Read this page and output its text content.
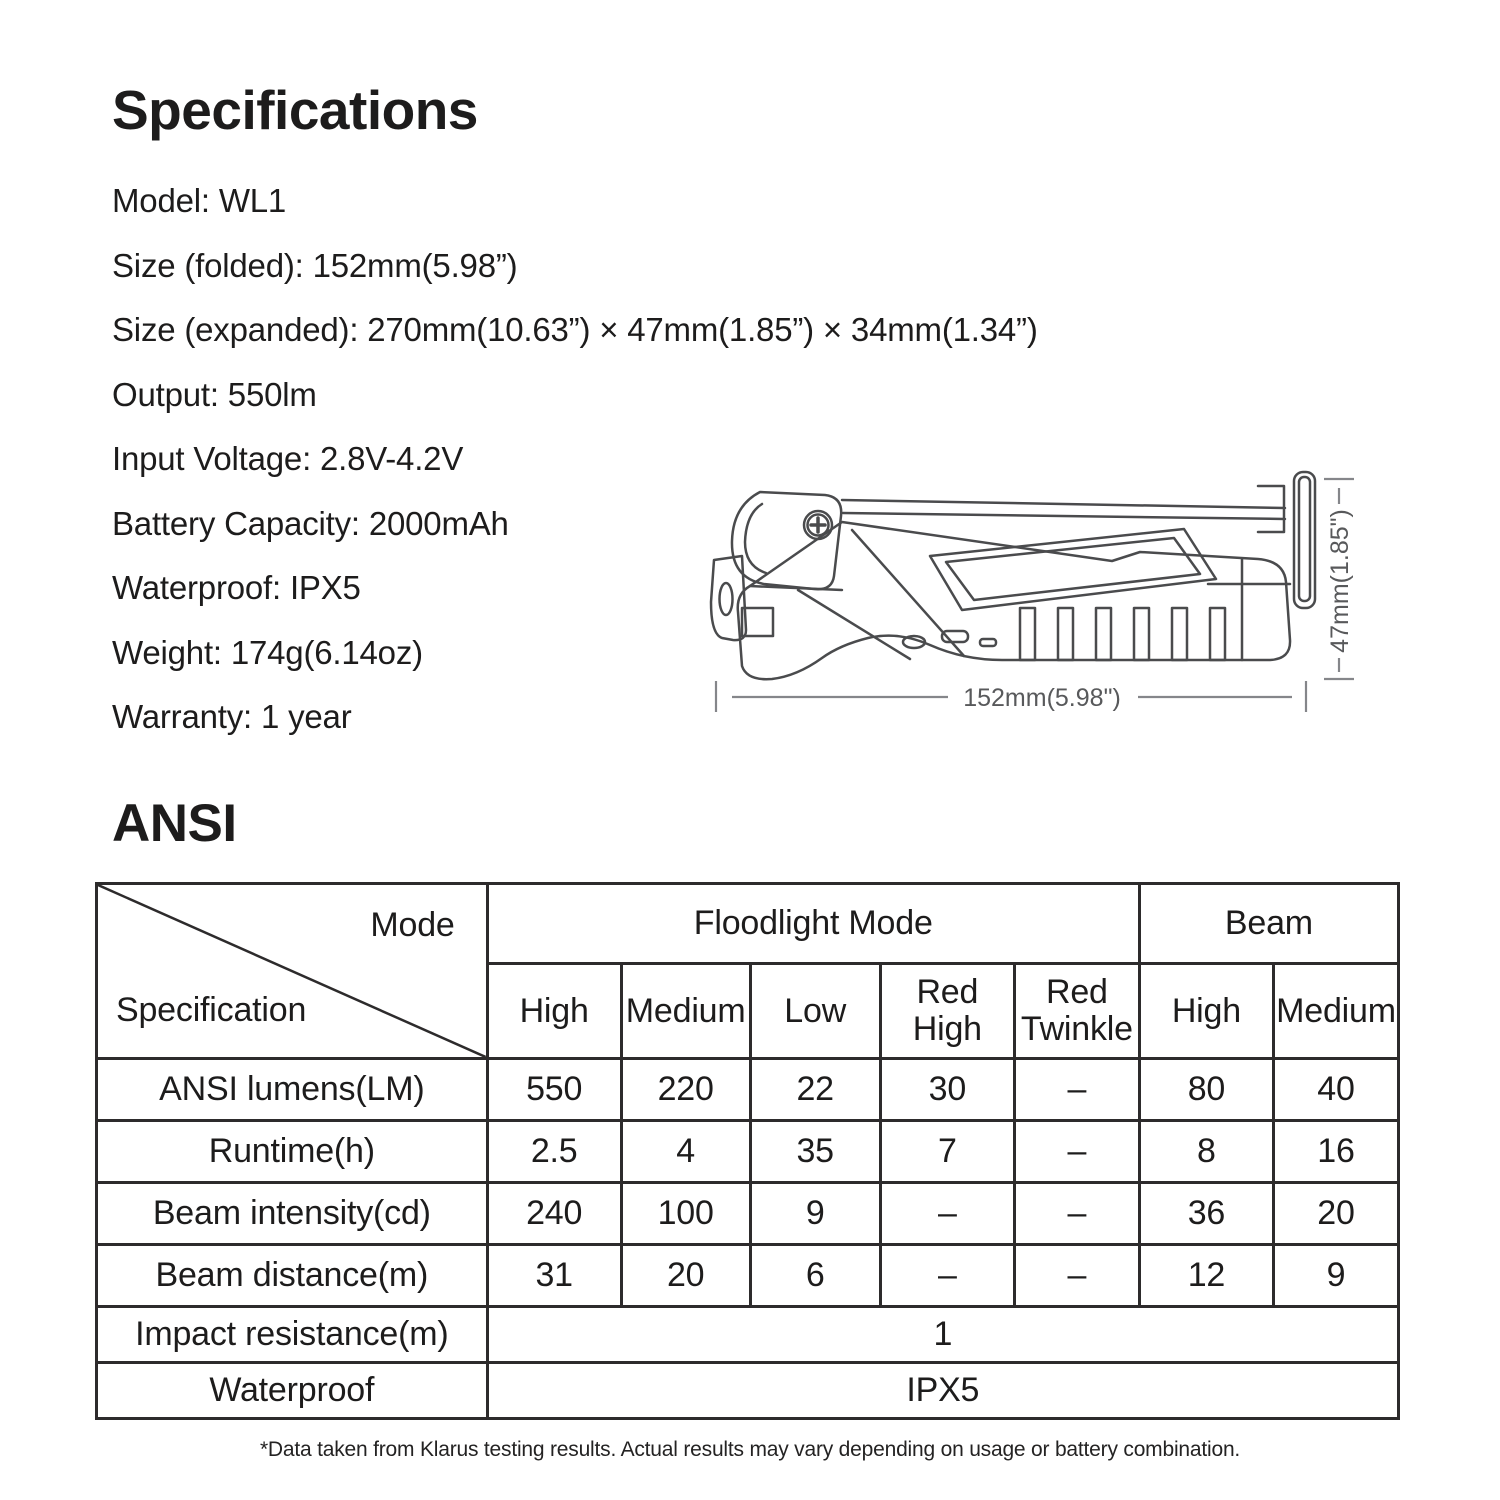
Specifications
Model: WL1
Size (folded): 152mm(5.98”)
Size (expanded): 270mm(10.63”) × 47mm(1.85”) × 34mm(1.34”)
Output: 550lm
Input Voltage: 2.8V-4.2V
Battery Capacity: 2000mAh
Waterproof: IPX5
Weight: 174g(6.14oz)
Warranty: 1 year
152mm(5.98")
47mm(1.85")
ANSI
Mode
Specification	Floodlight Mode					Beam	
	High	Medium	Low	Red High	Red Twinkle	High	Medium
ANSI lumens(LM)	550	220	22	30	–	80	40
Runtime(h)	2.5	4	35	7	–	8	16
Beam intensity(cd)	240	100	9	–	–	36	20
Beam distance(m)	31	20	6	–	–	12	9
Impact resistance(m)	1						
Waterproof	IPX5						
*Data taken from Klarus testing results. Actual results may vary depending on usage or battery combination.
